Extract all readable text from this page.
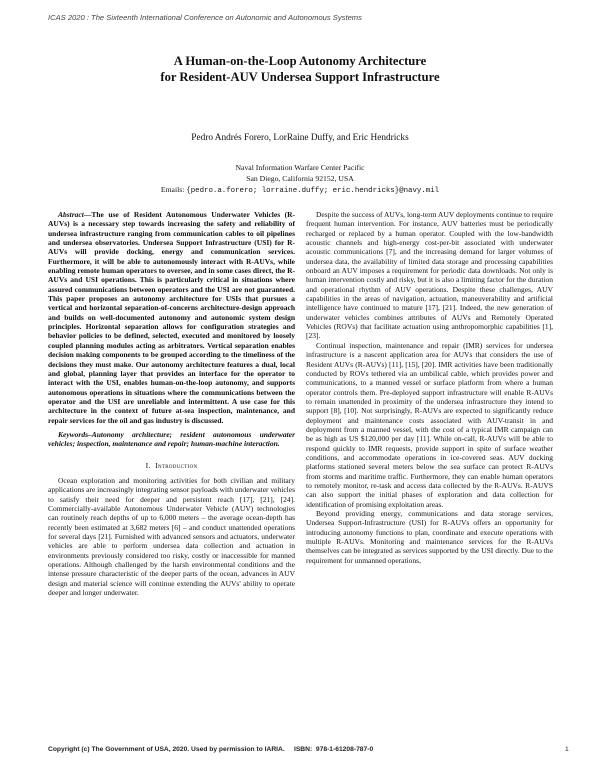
ICAS 2020 : The Sixteenth International Conference on Autonomic and Autonomous Systems
A Human-on-the-Loop Autonomy Architecture
for Resident-AUV Undersea Support Infrastructure
Pedro Andrés Forero, LorRaine Duffy, and Eric Hendricks
Naval Information Warfare Center Pacific
San Diego, California 92152, USA
Emails: {pedro.a.forero; lorraine.duffy; eric.hendricks}@navy.mil

Abstract—The use of Resident Autonomous Underwater Vehicles (R-AUVs) is a necessary step towards increasing the safety and reliability of undersea infrastructure ranging from communication cables to oil pipelines and undersea observatories. Undersea Support Infrastructure (USI) for R-AUVs will provide docking, energy and communication services. Furthermore, it will be able to autonomously interact with R-AUVs, while enabling remote human operators to oversee, and in some cases direct, the R-AUVs and USI operations. This is particularly critical in situations where assured communications between operators and the USI are not guaranteed. This paper proposes an autonomy architecture for USIs that pursues a vertical and horizontal separation-of-concerns architecture-design approach and builds on well-documented autonomy and autonomic system design principles. Horizontal separation allows for configuration strategies and behavior policies to be defined, selected, executed and monitored by loosely coupled planning modules acting as arbitrators. Vertical separation enables decision making components to be grouped according to the timeliness of the decisions they must make. Our autonomy architecture features a dual, local and global, planning layer that provides an interface for the operator to interact with the USI, enables human-on-the-loop autonomy, and supports autonomous operations in situations where the communications between the operator and the USI are unreliable and intermittent. A use case for this architecture in the context of future at-sea inspection, maintenance, and repair services for the oil and gas industry is discussed.

Keywords–Autonomy architecture; resident autonomous underwater vehicles; inspection, maintenance and repair; human-machine interaction.

I. Introduction

Ocean exploration and monitoring activities for both civilian and military applications are increasingly integrating sensor payloads with underwater vehicles to satisfy their need for deeper and persistent reach [17], [21], [24]. Commercially-available Autonomous Underwater Vehicle (AUV) technologies can routinely reach depths of up to 6,000 meters – the average ocean-depth has recently been estimated at 3,682 meters [6] – and conduct unattended operations for several days [21]. Furnished with advanced sensors and actuators, underwater vehicles are able to perform undersea data collection and actuation in environments previously considered too risky, costly or inaccessible for manned operations. Although challenged by the harsh environmental conditions and the intense pressure characteristic of the deeper parts of the ocean, advances in AUV design and material science will continue extending the AUVs' ability to operate deeper and longer underwater.

Despite the success of AUVs, long-term AUV deployments continue to require frequent human intervention. For instance, AUV batteries must be periodically recharged or replaced by a human operator. Coupled with the low-bandwidth acoustic channels and high-energy cost-per-bit associated with underwater acoustic communications [7], and the increasing demand for larger volumes of undersea data, the availability of limited data storage and processing capabilities onboard an AUV imposes a requirement for periodic data downloads. Not only is human intervention costly and risky, but it is also a limiting factor for the duration and operational rhythm of AUV operations. Despite these challenges, AUV capabilities in the areas of navigation, actuation, maneuverability and artificial intelligence have continued to mature [17], [21]. Indeed, the new generation of underwater vehicles combines attributes of AUVs and Remotely Operated Vehicles (ROVs) that facilitate actuation using anthropomorphic capabilities [1], [23].

Continual inspection, maintenance and repair (IMR) services for undersea infrastructure is a nascent application area for AUVs that considers the use of Resident AUVs (R-AUVs) [11], [15], [20]. IMR activities have been traditionally conducted by ROVs tethered via an umbilical cable, which provides power and communications, to a manned vessel or surface platform from where a human operator controls them. Pre-deployed support infrastructure will enable R-AUVs to remain unattended in proximity of the undersea infrastructure they intend to support [8], [10]. Not surprisingly, R-AUVs are expected to significantly reduce deployment and maintenance costs associated with AUV-transit in and deployment from a manned vessel, with the cost of a typical IMR campaign can be as high as US $120,000 per day [11]. While on-call, R-AUVs will be able to respond quickly to IMR requests, provide support in spite of surface weather conditions, and accommodate operations in ice-covered seas. AUV docking platforms stationed several meters below the sea surface can protect R-AUVs from storms and maritime traffic. Furthermore, they can enable human operators to remotely monitor, re-task and access data collected by the R-AUVs. R-AUVS can also support the initial phases of exploration and data collection for identification of promising exploitation areas.

Beyond providing energy, communications and data storage services, Undersea Support-Infrastructure (USI) for R-AUVs offers an opportunity for introducing autonomy functions to plan, coordinate and execute operations with multiple R-AUVs. Monitoring and maintenance services for the R-AUVs themselves can be integrated as services supported by the USI directly. Due to the requirement for unmanned operations,

Copyright (c) The Government of USA, 2020. Used by permission to IARIA.     ISBN:  978-1-61208-787-0	1
